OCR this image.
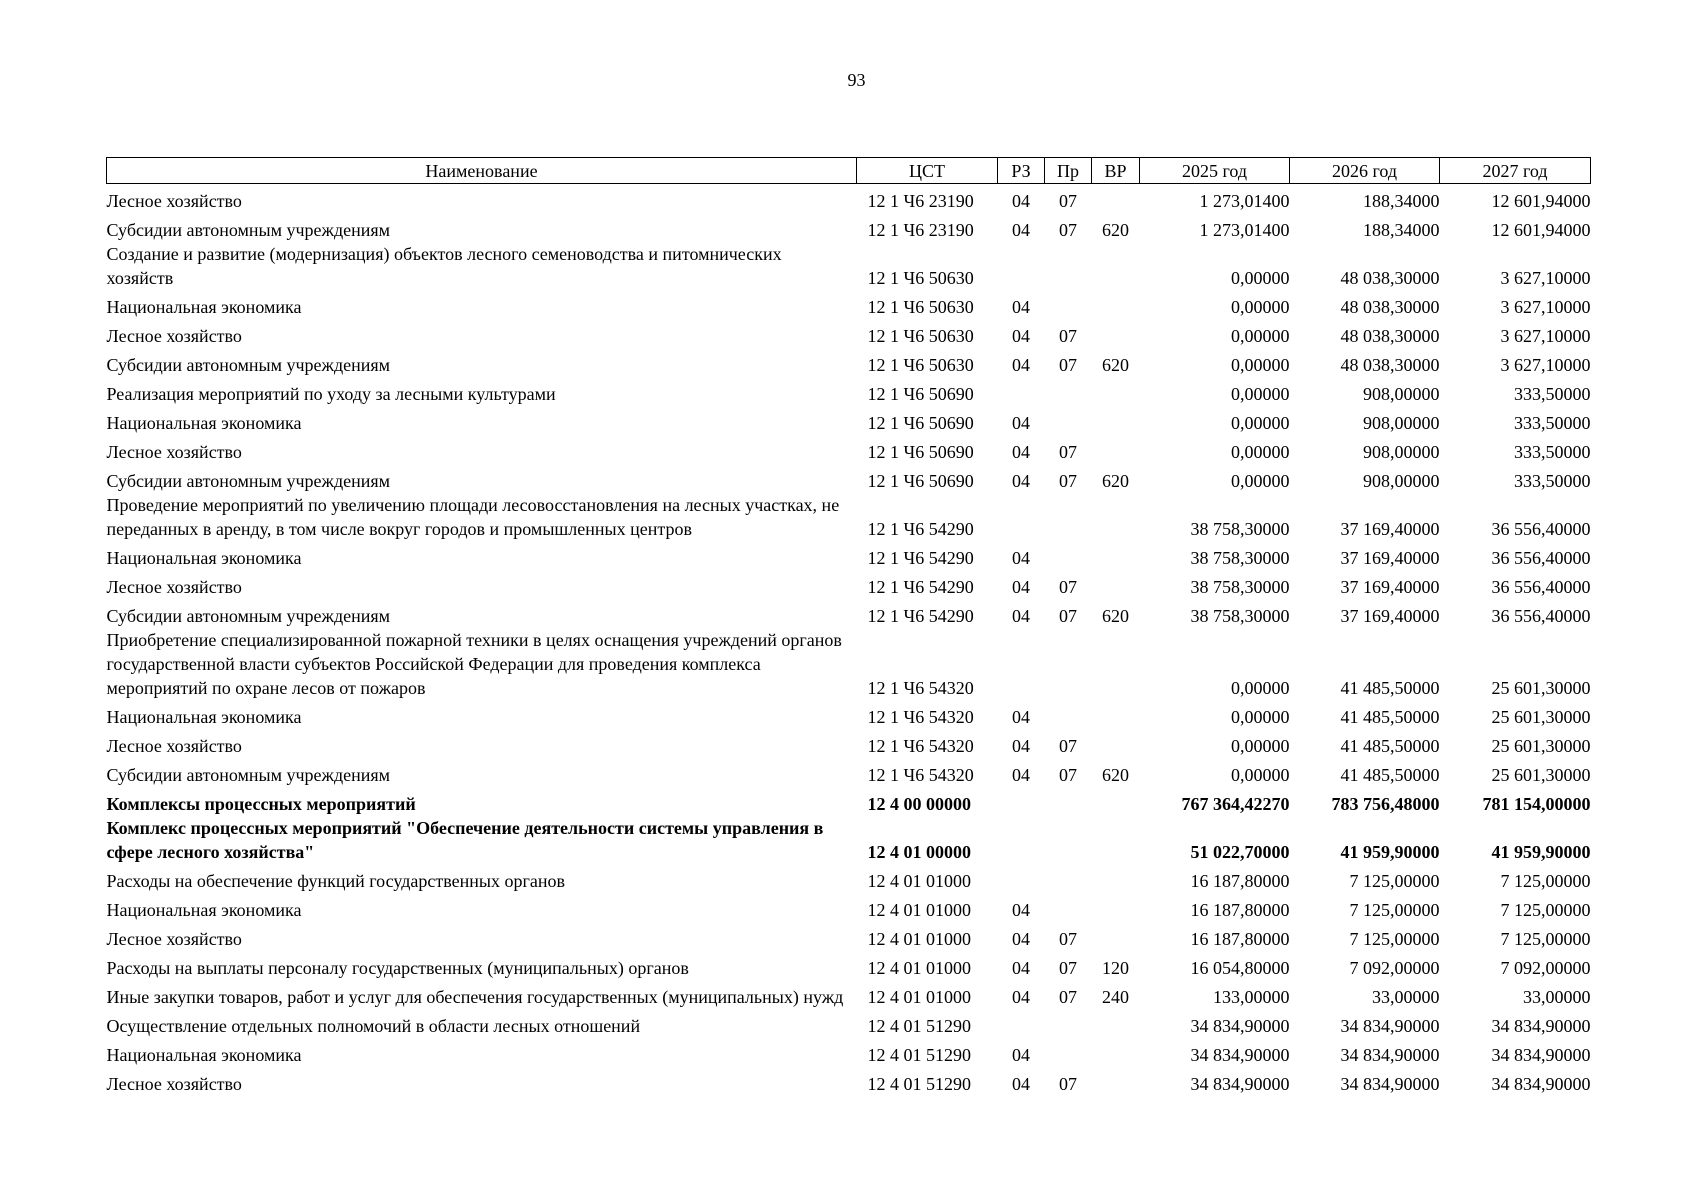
93
Наименование	ЦСТ	РЗ	Пр	ВР	2025 год	2026 год	2027 год
Лесное хозяйство	12 1 Ч6 23190	04	07		1 273,01400	188,34000	12 601,94000
Субсидии автономным учреждениям	12 1 Ч6 23190	04	07	620	1 273,01400	188,34000	12 601,94000
Создание и развитие (модернизация) объектов лесного семеноводства и питомнических хозяйств	12 1 Ч6 50630				0,00000	48 038,30000	3 627,10000
Национальная экономика	12 1 Ч6 50630	04			0,00000	48 038,30000	3 627,10000
Лесное хозяйство	12 1 Ч6 50630	04	07		0,00000	48 038,30000	3 627,10000
Субсидии автономным учреждениям	12 1 Ч6 50630	04	07	620	0,00000	48 038,30000	3 627,10000
Реализация мероприятий по уходу за лесными культурами	12 1 Ч6 50690				0,00000	908,00000	333,50000
Национальная экономика	12 1 Ч6 50690	04			0,00000	908,00000	333,50000
Лесное хозяйство	12 1 Ч6 50690	04	07		0,00000	908,00000	333,50000
Субсидии автономным учреждениям	12 1 Ч6 50690	04	07	620	0,00000	908,00000	333,50000
Проведение мероприятий по увеличению площади лесовосстановления на лесных участках, не переданных в аренду, в том числе вокруг городов и промышленных центров	12 1 Ч6 54290				38 758,30000	37 169,40000	36 556,40000
Национальная экономика	12 1 Ч6 54290	04			38 758,30000	37 169,40000	36 556,40000
Лесное хозяйство	12 1 Ч6 54290	04	07		38 758,30000	37 169,40000	36 556,40000
Субсидии автономным учреждениям	12 1 Ч6 54290	04	07	620	38 758,30000	37 169,40000	36 556,40000
Приобретение специализированной пожарной техники в целях оснащения учреждений органов государственной власти субъектов Российской Федерации для проведения комплекса мероприятий по охране лесов от пожаров	12 1 Ч6 54320				0,00000	41 485,50000	25 601,30000
Национальная экономика	12 1 Ч6 54320	04			0,00000	41 485,50000	25 601,30000
Лесное хозяйство	12 1 Ч6 54320	04	07		0,00000	41 485,50000	25 601,30000
Субсидии автономным учреждениям	12 1 Ч6 54320	04	07	620	0,00000	41 485,50000	25 601,30000
Комплексы процессных мероприятий	12 4 00 00000				767 364,42270	783 756,48000	781 154,00000
Комплекс процессных мероприятий "Обеспечение деятельности системы управления в сфере лесного хозяйства"	12 4 01 00000				51 022,70000	41 959,90000	41 959,90000
Расходы на обеспечение функций государственных органов	12 4 01 01000				16 187,80000	7 125,00000	7 125,00000
Национальная экономика	12 4 01 01000	04			16 187,80000	7 125,00000	7 125,00000
Лесное хозяйство	12 4 01 01000	04	07		16 187,80000	7 125,00000	7 125,00000
Расходы на выплаты персоналу государственных (муниципальных) органов	12 4 01 01000	04	07	120	16 054,80000	7 092,00000	7 092,00000
Иные закупки товаров, работ и услуг для обеспечения государственных (муниципальных) нужд	12 4 01 01000	04	07	240	133,00000	33,00000	33,00000
Осуществление отдельных полномочий в области лесных отношений	12 4 01 51290				34 834,90000	34 834,90000	34 834,90000
Национальная экономика	12 4 01 51290	04			34 834,90000	34 834,90000	34 834,90000
Лесное хозяйство	12 4 01 51290	04	07		34 834,90000	34 834,90000	34 834,90000
